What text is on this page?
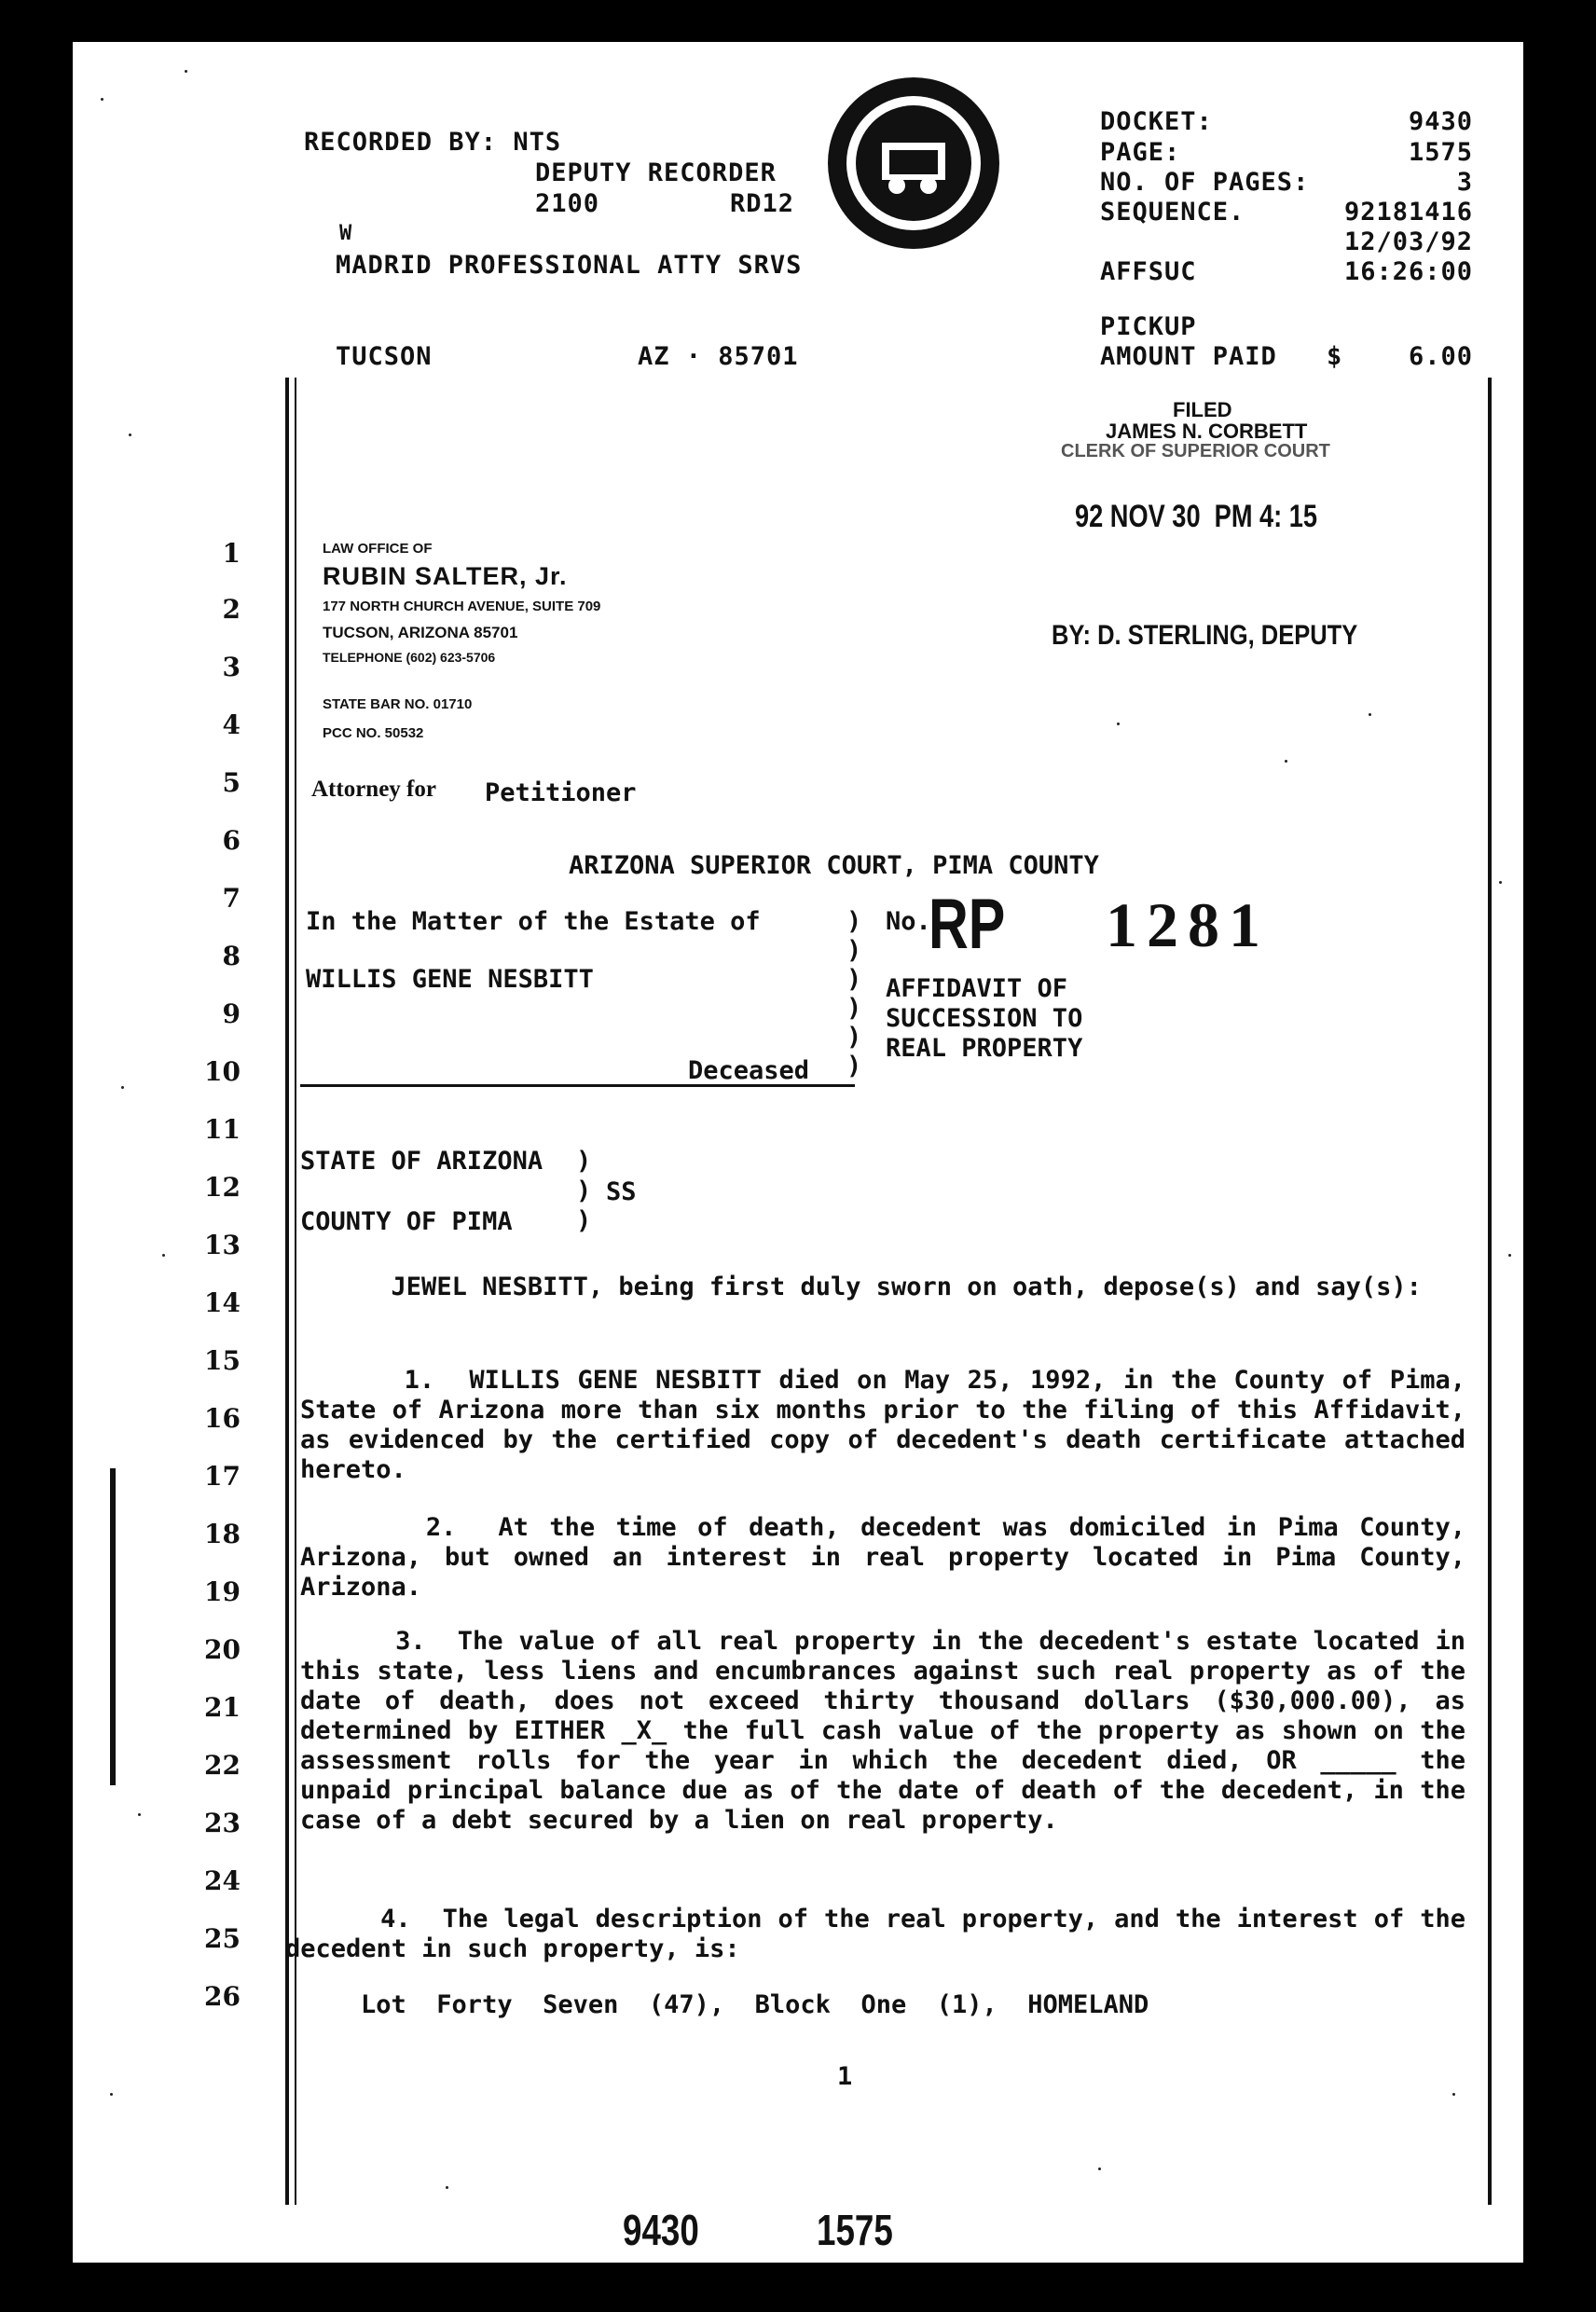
RECORDED BY: NTS
DEPUTY RECORDER
2100	RD12
W
MADRID PROFESSIONAL ATTY SRVS
TUCSON	AZ · 85701
DOCKET:	9430
PAGE:	1575
NO. OF PAGES:	3
SEQUENCE.	92181416
12/03/92
AFFSUC	16:26:00
PICKUP
AMOUNT PAID $	6.00
FILED
JAMES N. CORBETT
CLERK OF SUPERIOR COURT
92 NOV 30  PM 4: 15
BY: D. STERLING, DEPUTY
1
2
3
4
5
6
7
8
9
10
11
12
13
14
15
16
17
18
19
20
21
22
23
24
25
26
LAW OFFICE OF
RUBIN SALTER, Jr.
177 NORTH CHURCH AVENUE, SUITE 709
TUCSON, ARIZONA 85701
TELEPHONE (602) 623-5706
STATE BAR NO. 01710
PCC NO. 50532
Attorney for Petitioner
ARIZONA SUPERIOR COURT, PIMA COUNTY
In the Matter of the Estate of
WILLIS GENE NESBITT
Deceased
)
)
)
)
)
)
No.
RP 1281
AFFIDAVIT OF
SUCCESSION TO
REAL PROPERTY
STATE OF ARIZONA )
)
)
SS
COUNTY OF PIMA
JEWEL NESBITT, being first duly sworn on oath, depose(s) and say(s):
1.  WILLIS GENE NESBITT died on May 25, 1992, in the County of Pima, State of Arizona more than six months prior to the filing of this Affidavit, as evidenced by the certified copy of decedent's death certificate attached hereto.
2.  At the time of death, decedent was domiciled in Pima County, Arizona, but owned an interest in real property located in Pima County, Arizona.
3.  The value of all real property in the decedent's estate located in this state, less liens and encumbrances against such real property as of the date of death, does not exceed thirty thousand dollars ($30,000.00), as determined by EITHER _X_ the full cash value of the property as shown on the assessment rolls for the year in which the decedent died, OR _____ the unpaid principal balance due as of the date of death of the decedent, in the case of a debt secured by a lien on real property.
4.  The legal description of the real property, and the interest of the decedent in such property, is:
Lot  Forty  Seven  (47),  Block  One  (1),  HOMELAND
1
9430	1575
